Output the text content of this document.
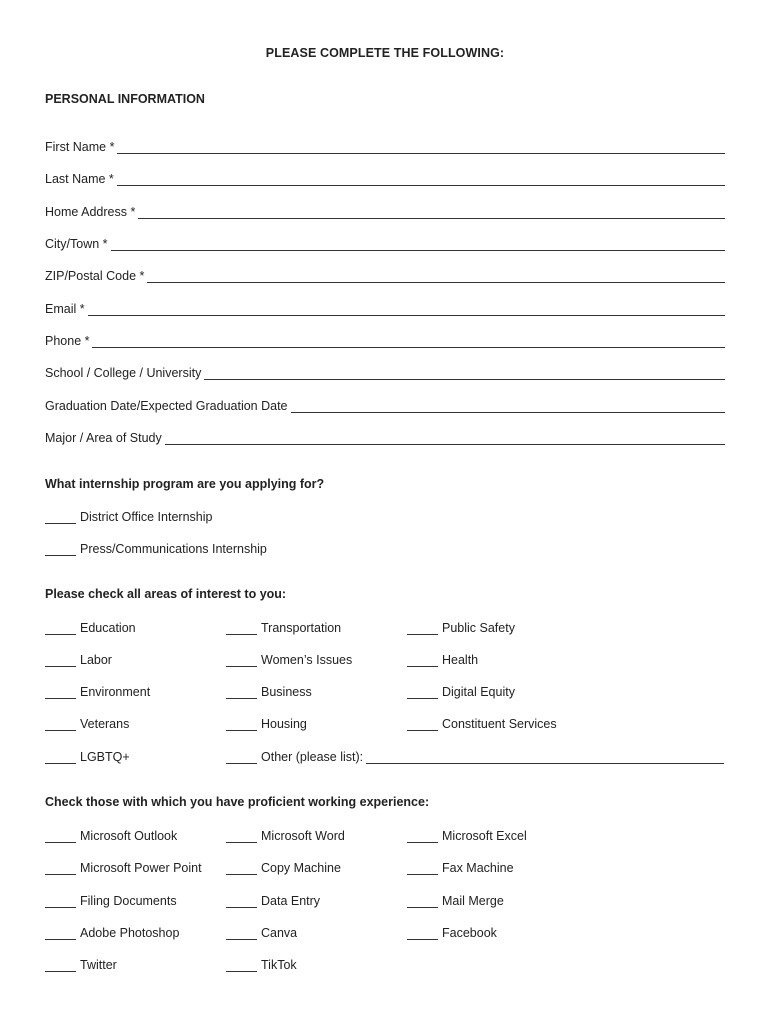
PLEASE COMPLETE THE FOLLOWING:
PERSONAL INFORMATION
First Name *
Last Name *
Home Address *
City/Town *
ZIP/Postal Code *
Email *
Phone *
School / College / University
Graduation Date/Expected Graduation Date
Major / Area of Study
What internship program are you applying for?
District Office Internship
Press/Communications Internship
Please check all areas of interest to you:
Education	Transportation	Public Safety
Labor	Women’s Issues	Health
Environment	Business	Digital Equity
Veterans	Housing	Constituent Services
LGBTQ+	Other (please list):
Check those with which you have proficient working experience:
Microsoft Outlook	Microsoft Word	Microsoft Excel
Microsoft Power Point	Copy Machine	Fax Machine
Filing Documents	Data Entry	Mail Merge
Adobe Photoshop	Canva	Facebook
Twitter	TikTok
